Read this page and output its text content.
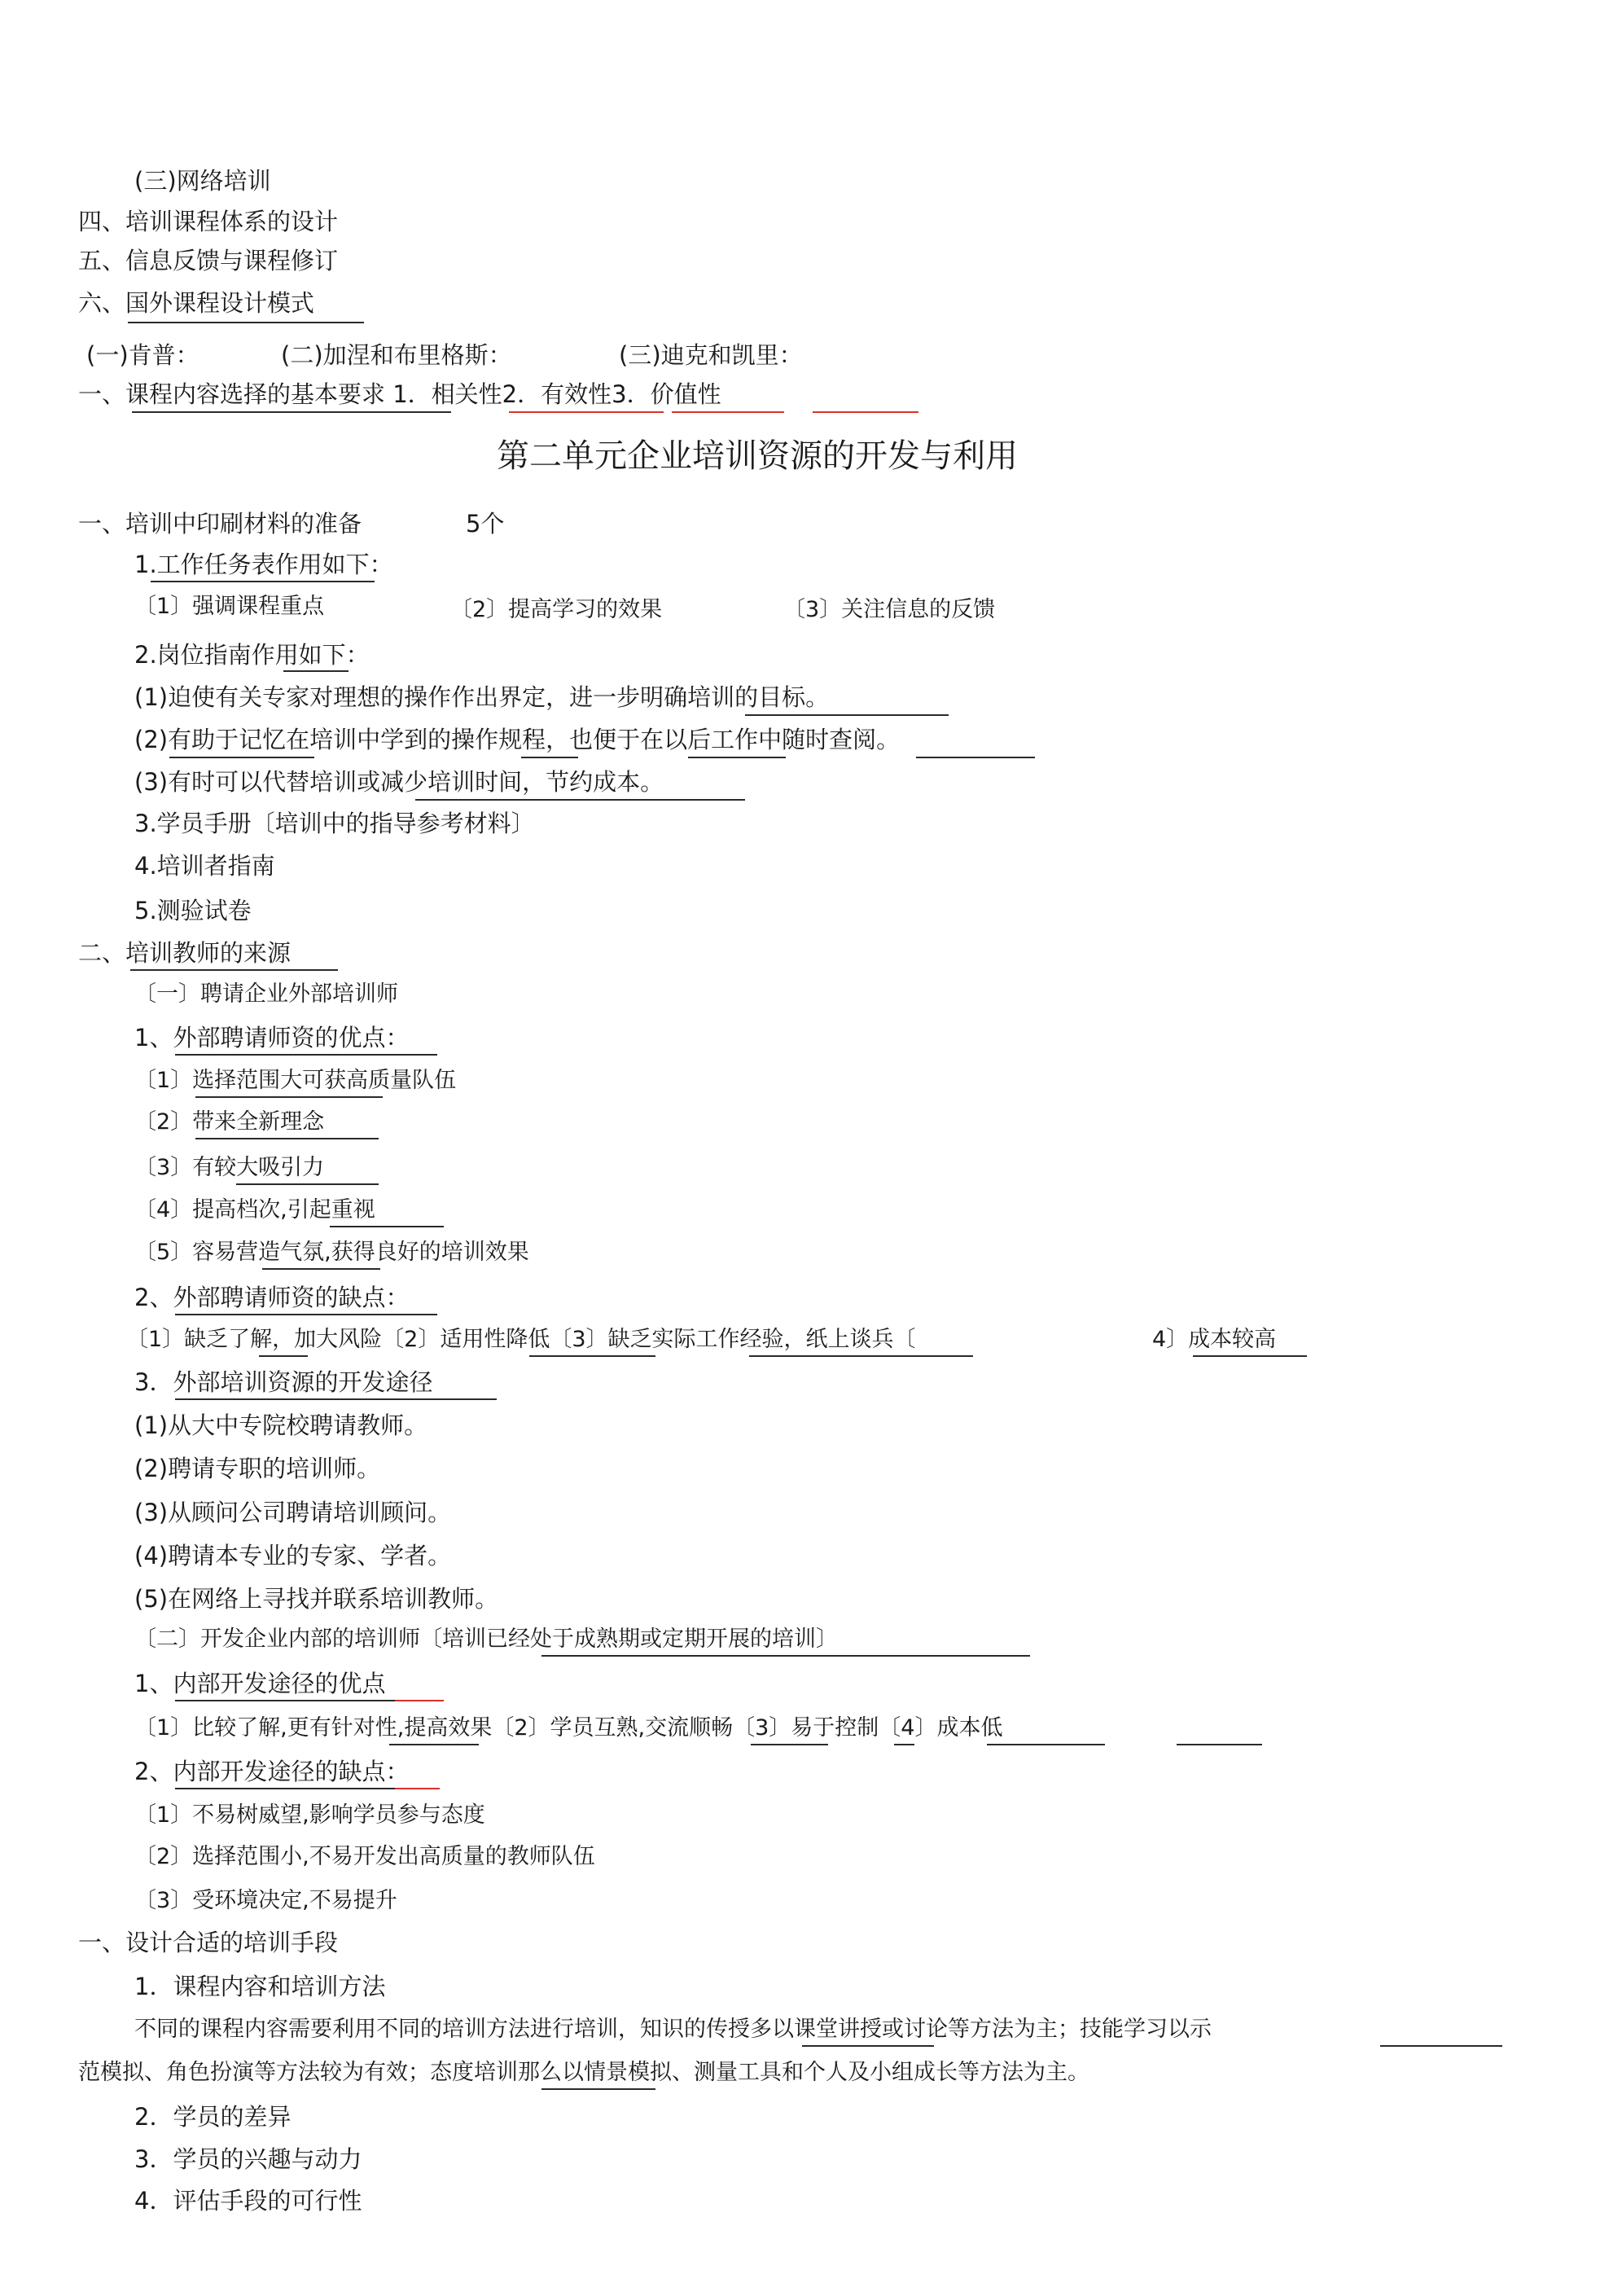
(三)网络培训
四、培训课程体系的设计
五、信息反馈与课程修订
六、国外课程设计模式
(一)肯普：	(二)加涅和布里格斯：	(三)迪克和凯里：
一、课程内容选择的基本要求 1．相关性2．有效性3．价值性
第二单元企业培训资源的开发与利用
一、培训中印刷材料的准备	5个
1.工作任务表作用如下：
〔1〕强调课程重点	〔2〕提高学习的效果	〔3〕关注信息的反馈
2.岗位指南作用如下：
(1)迫使有关专家对理想的操作作出界定，进一步明确培训的目标。
(2)有助于记忆在培训中学到的操作规程，也便于在以后工作中随时查阅。
(3)有时可以代替培训或减少培训时间，节约成本。
3.学员手册〔培训中的指导参考材料〕
4.培训者指南
5.测验试卷
二、培训教师的来源
〔一〕聘请企业外部培训师
1、外部聘请师资的优点：
〔1〕选择范围大可获高质量队伍
〔2〕带来全新理念
〔3〕有较大吸引力
〔4〕提高档次,引起重视
〔5〕容易营造气氛,获得良好的培训效果
2、外部聘请师资的缺点：
〔1〕缺乏了解，加大风险〔2〕适用性降低〔3〕缺乏实际工作经验，纸上谈兵〔	4〕成本较高
3．外部培训资源的开发途径
(1)从大中专院校聘请教师。
(2)聘请专职的培训师。
(3)从顾问公司聘请培训顾问。
(4)聘请本专业的专家、学者。
(5)在网络上寻找并联系培训教师。
〔二〕开发企业内部的培训师〔培训已经处于成熟期或定期开展的培训〕
1、内部开发途径的优点
〔1〕比较了解,更有针对性,提高效果〔2〕学员互熟,交流顺畅〔3〕易于控制〔4〕成本低
2、内部开发途径的缺点：
〔1〕不易树威望,影响学员参与态度
〔2〕选择范围小,不易开发出高质量的教师队伍
〔3〕受环境决定,不易提升
一、设计合适的培训手段
1．课程内容和培训方法
不同的课程内容需要利用不同的培训方法进行培训，知识的传授多以课堂讲授或讨论等方法为主；技能学习以示
范模拟、角色扮演等方法较为有效；态度培训那么以情景模拟、测量工具和个人及小组成长等方法为主。
2．学员的差异
3．学员的兴趣与动力
4．评估手段的可行性
